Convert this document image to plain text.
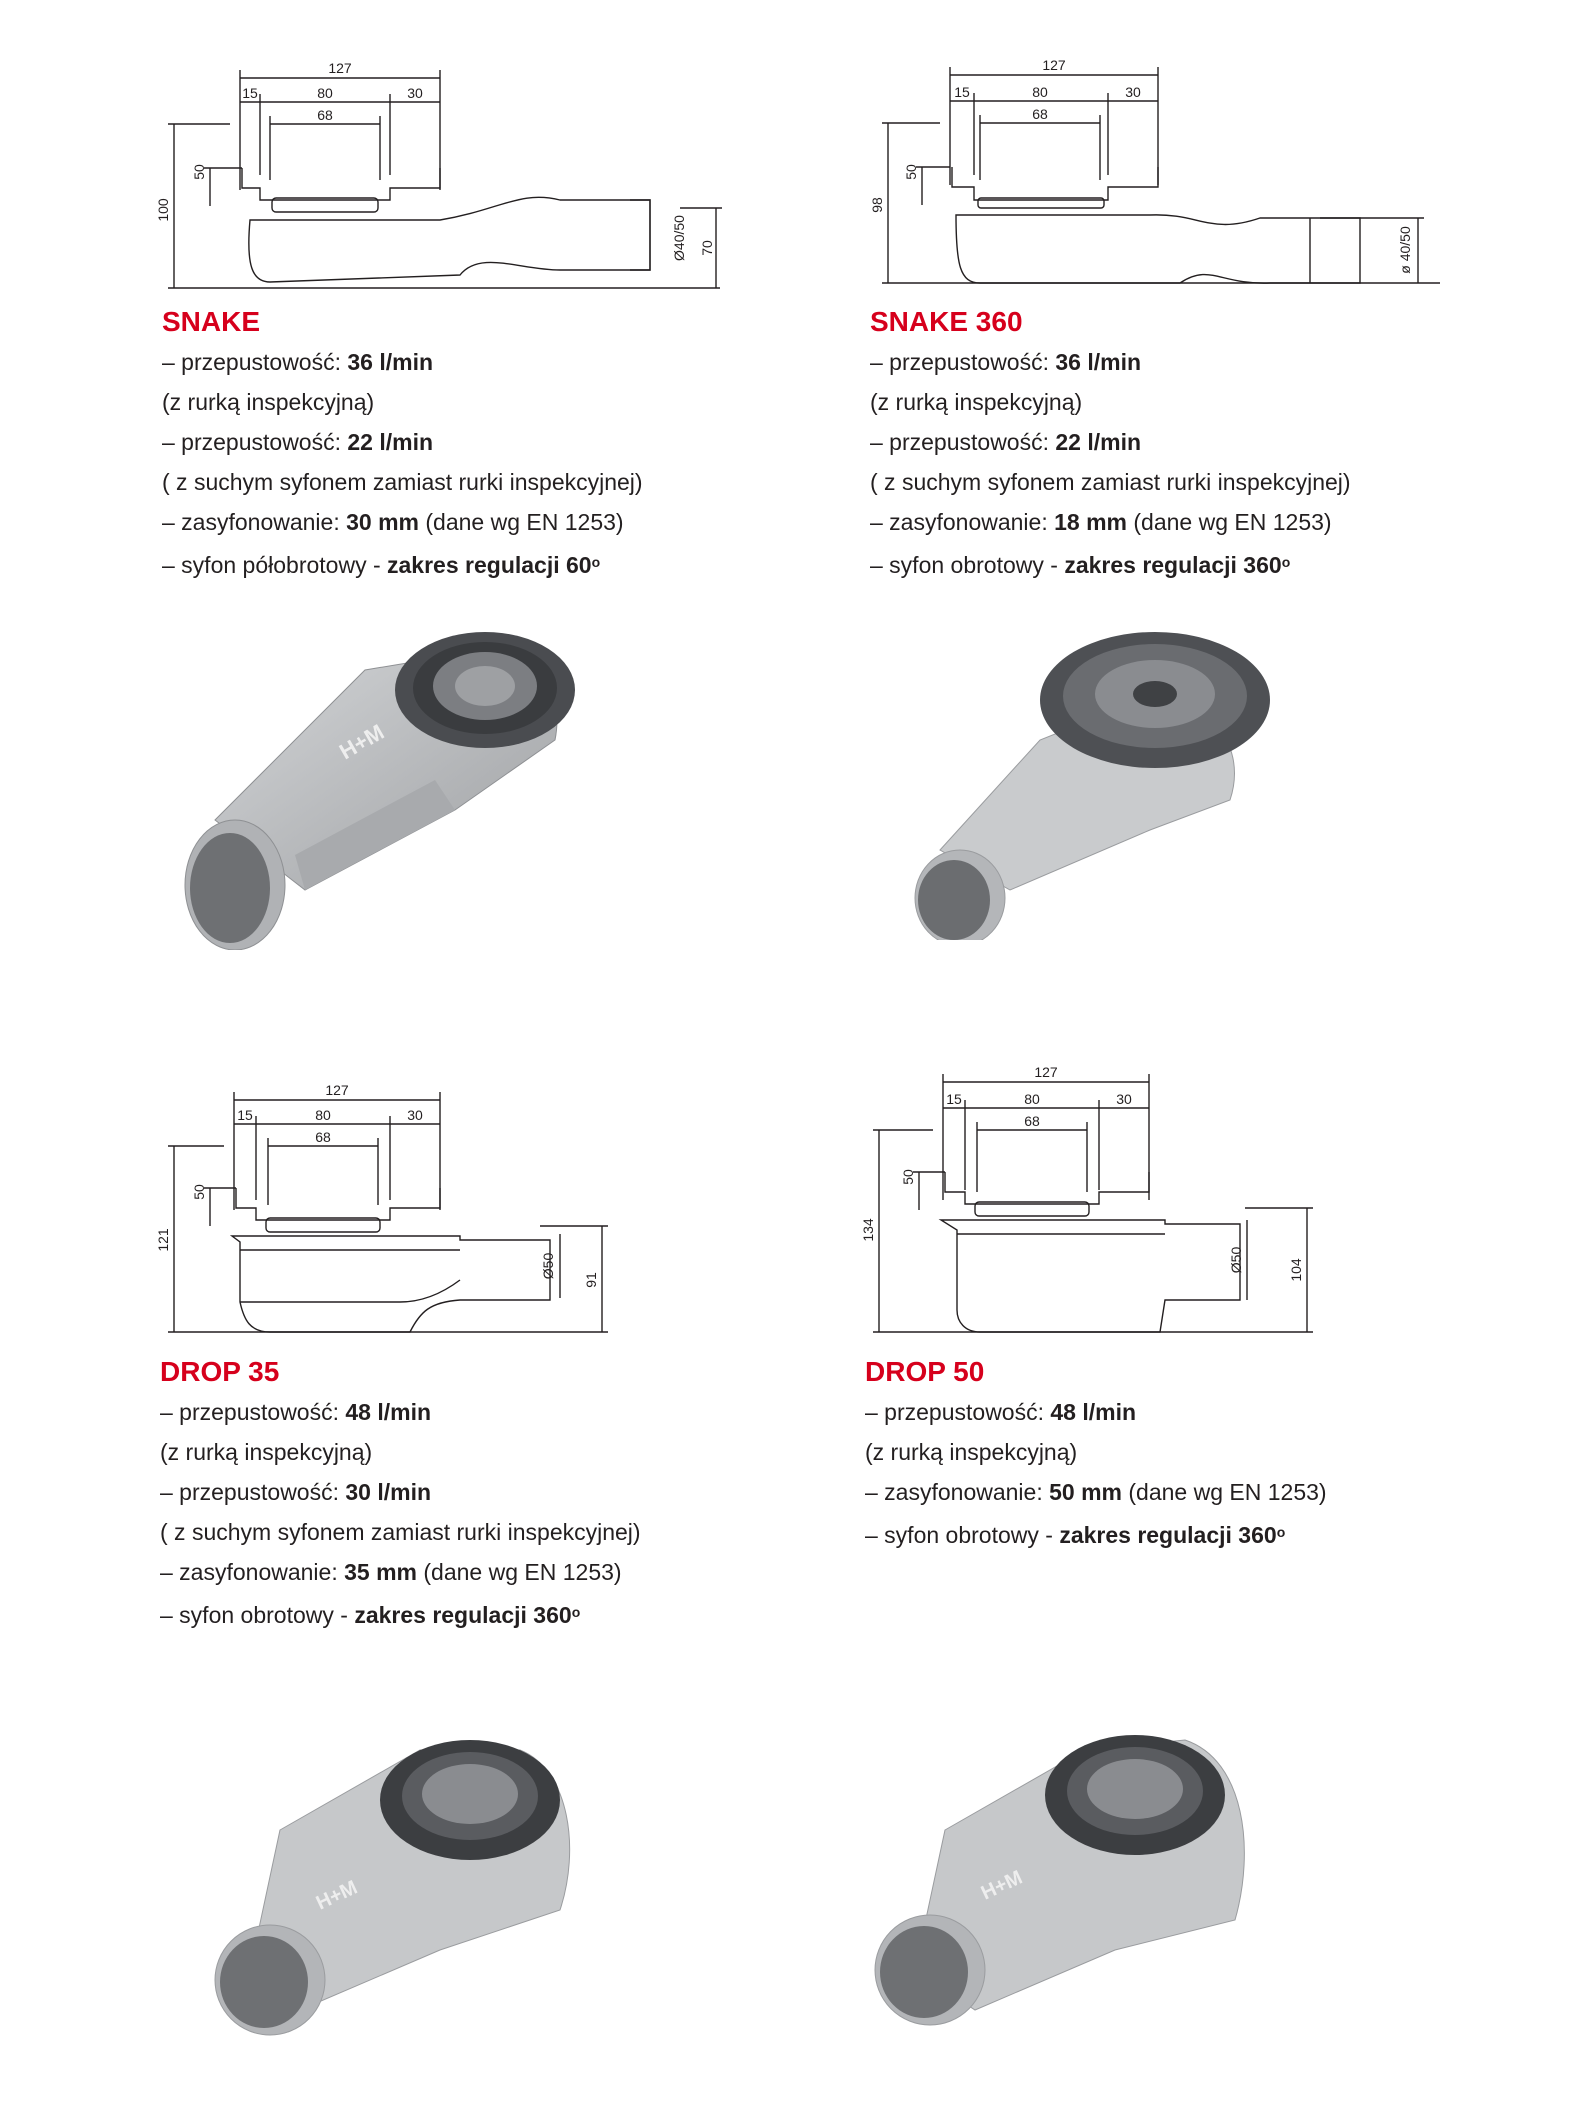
127
15	80	30
68
50
100
Ø40/50 70
127
15	80	30
68
50
98
ø 40/50
127
15	80	30
68
50
121
Ø50
91
127
15	80	30
68
50
134
Ø50	104
SNAKE

– przepustowość: 36 l/min

(z rurką inspekcyjną)

– przepustowość: 22 l/min

( z suchym syfonem zamiast rurki inspekcyjnej)

– zasyfonowanie: 30 mm (dane wg EN 1253)

– syfon półobrotowy - zakres regulacji 60$^o$

SNAKE 360

– przepustowość: 36 l/min

(z rurką inspekcyjną)

– przepustowość: 22 l/min

( z suchym syfonem zamiast rurki inspekcyjnej)

– zasyfonowanie: 18 mm (dane wg EN 1253)

– syfon obrotowy - zakres regulacji 360$^o$

DROP 35

– przepustowość: 48 l/min

(z rurką inspekcyjną)

– przepustowość: 30 l/min

( z suchym syfonem zamiast rurki inspekcyjnej)

– zasyfonowanie: 35 mm (dane wg EN 1253)

– syfon obrotowy - zakres regulacji 360$^o$

DROP 50

– przepustowość: 48 l/min

(z rurką inspekcyjną)

– zasyfonowanie: 50 mm (dane wg EN 1253)

– syfon obrotowy - zakres regulacji 360$^o$

H+M
H+M	H+M
